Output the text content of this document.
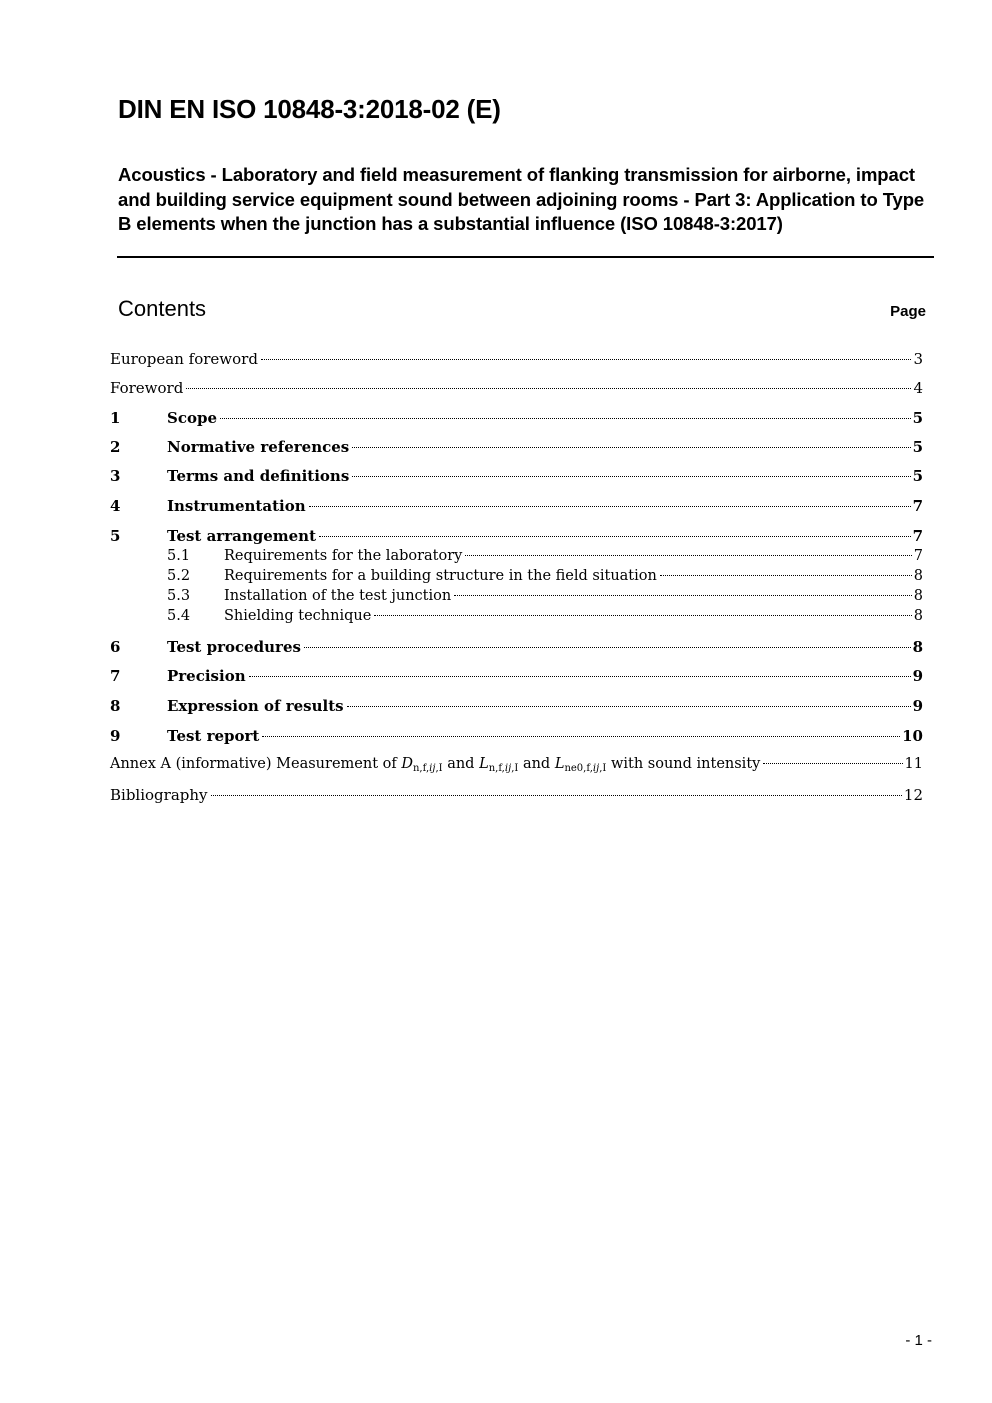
DIN EN ISO 10848-3:2018-02 (E)
Acoustics - Laboratory and field measurement of flanking transmission for airborne, impact and building service equipment sound between adjoining rooms - Part 3: Application to Type B elements when the junction has a substantial influence (ISO 10848-3:2017)
Contents	Page
European foreword	3
Foreword	4
1	Scope	5
2	Normative references	5
3	Terms and definitions	5
4	Instrumentation	7
5	Test arrangement	7
5.1	Requirements for the laboratory	7
5.2	Requirements for a building structure in the field situation	8
5.3	Installation of the test junction	8
5.4	Shielding technique	8
6	Test procedures	8
7	Precision	9
8	Expression of results	9
9	Test report	10
Annex A (informative) Measurement of $D_{n,f,ij,I}$ and $L_{n,f,ij,I}$ and $L_{ne0,f,ij,I}$ with sound intensity	11
Bibliography	12
- 1 -
